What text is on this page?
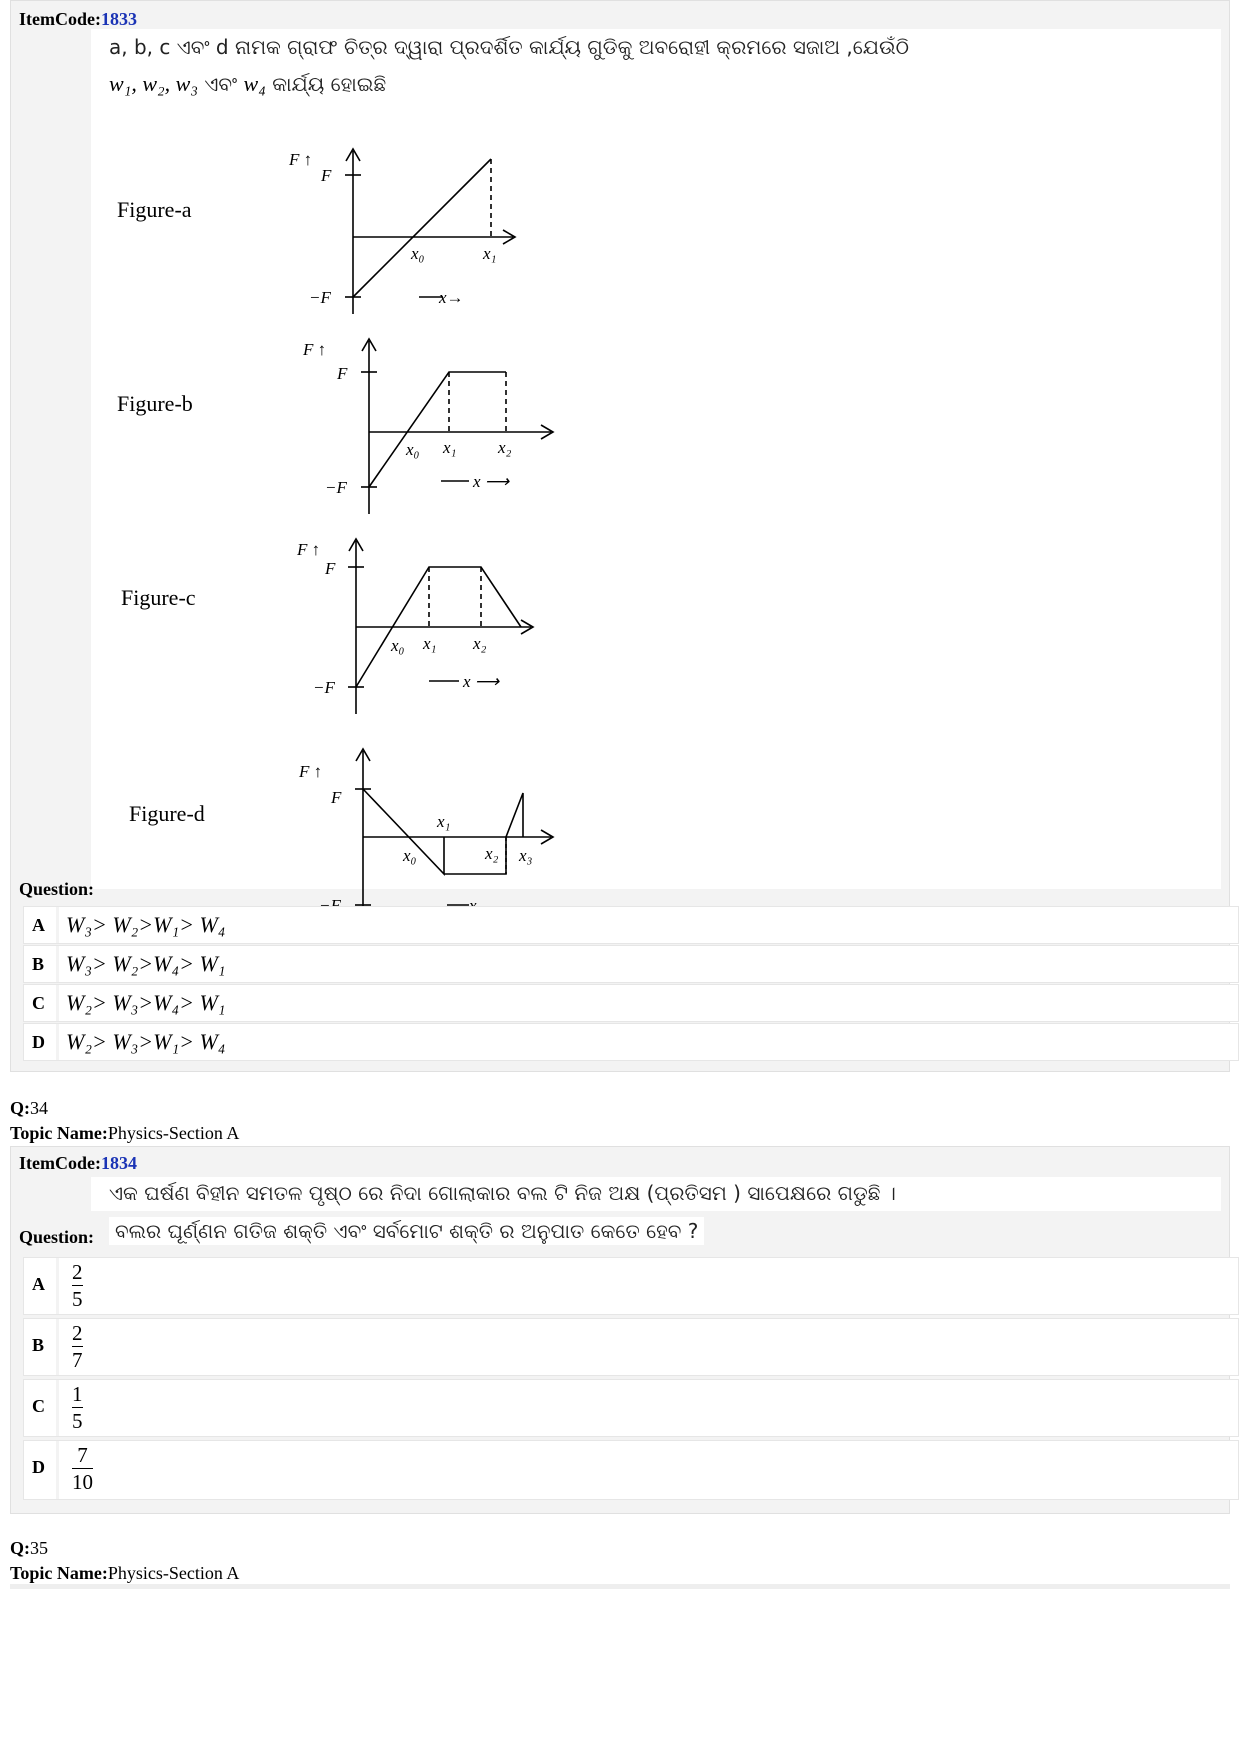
ItemCode:1833
a, b, c ଏବଂ d ନାମକ ଗ୍ରାଫ ଚିତ୍ର ଦ୍ୱାରା ପ୍ରଦର୍ଶିତ କାର୍ଯ୍ୟ ଗୁଡିକୁ ଅବରୋହୀ କ୍ରମରେ ସଜାଅ ,ଯେଉଁଠି
w₁, w₂, w₃ ଏବଂ w₄ କାର୍ଯ୍ୟ ହୋଇଛି
Figure-a
F ↑
F
−F
x₀	x₁
x→
Figure-b
F ↑
F
−F
x₀ x₁ x₂
x ⟶
Figure-c
F ↑
F
−F
x₀ x₁ x₂
x ⟶
Figure-d
F ↑
F
x₀
x₁
x₂ x₃
Question:
A W₃> W₂>W₁> W₄
B W₃> W₂>W₄> W₁
C W₂> W₃>W₄> W₁
D W₂> W₃>W₁> W₄
Q:34
Topic Name:Physics-Section A
ItemCode:1834
ଏକ ଘର୍ଷଣ ବିହୀନ ସମତଳ ପୃଷ୍ଠ ରେ ନିଦା ଗୋଲାକାର ବଲ ଟି ନିଜ ଅକ୍ଷ (ପ୍ରତିସମ ) ସାପେକ୍ଷରେ ଗଡୁଛି ।
Question:	ବଲର ଘୂର୍ଣ୍ଣନ ଗତିଜ ଶକ୍ତି ଏବଂ ସର୍ବମୋଟ ଶକ୍ତି ର ଅନୁପାତ କେତେ ହେବ ?
A 2
5
B 2
7
C 1
5
D 7
10
Q:35
Topic Name:Physics-Section A
